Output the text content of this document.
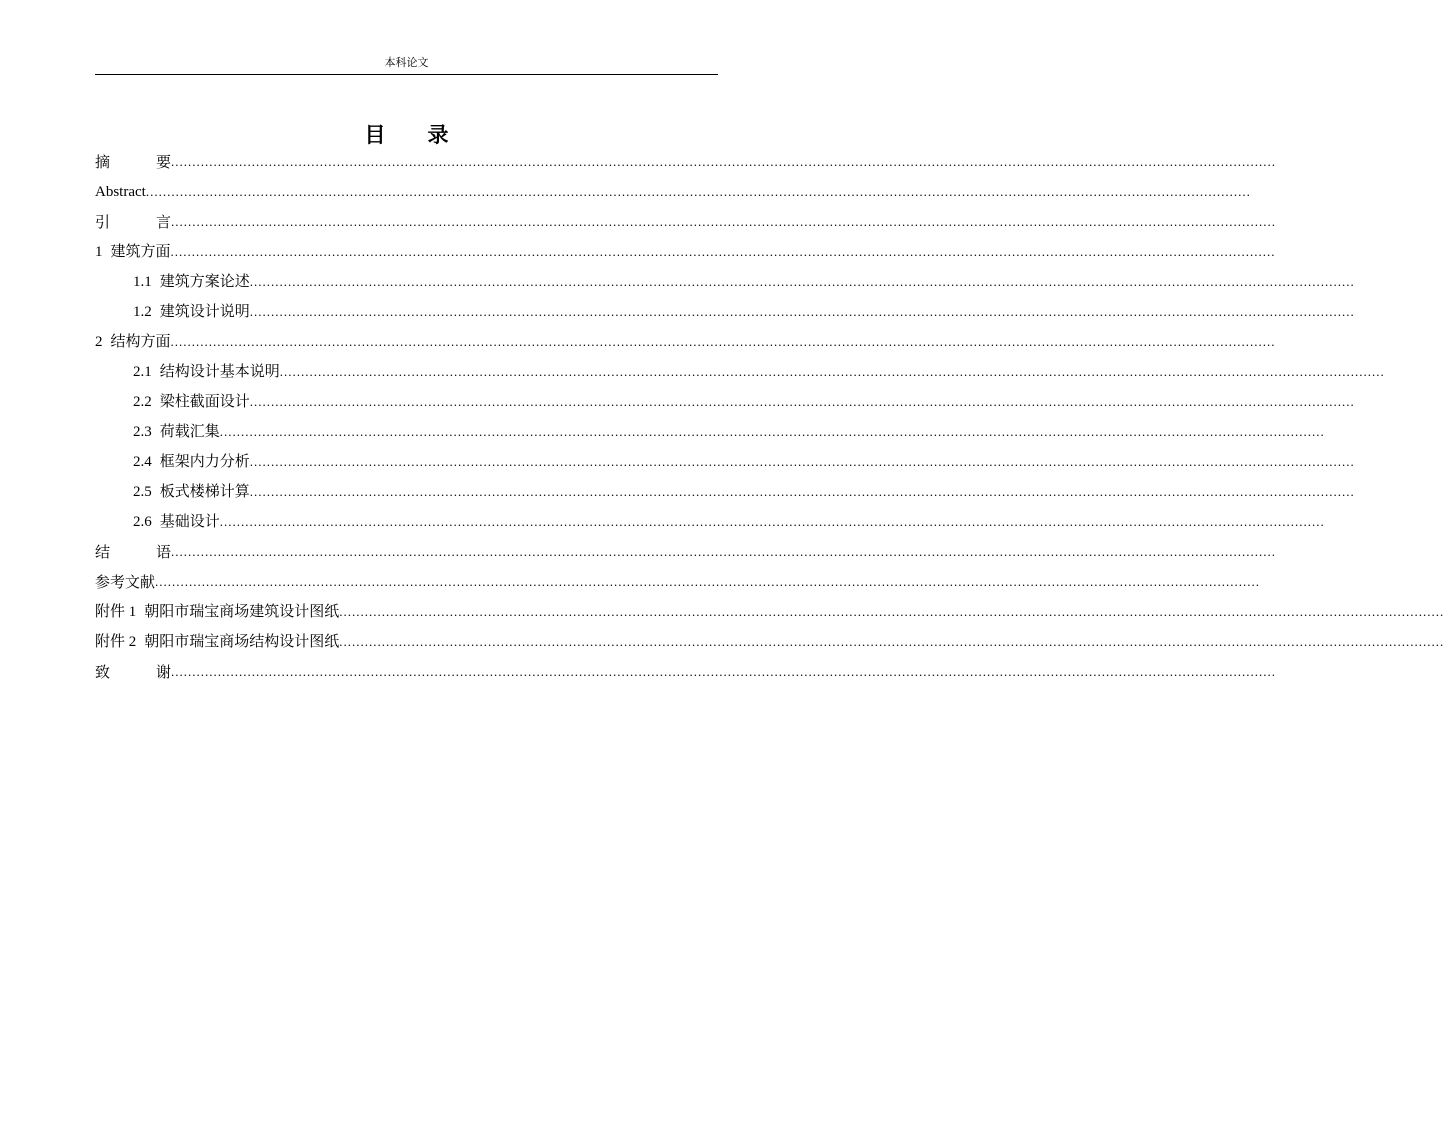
本科论文
目 录
摘 要 ....................................................................................................................................................................................................................................................................
Abstract ....................................................................................................................................................................................................................................................................
引 言 ....................................................................................................................................................................................................................................................................
1 建筑方面 ....................................................................................................................................................................................................................................................................
1.1 建筑方案论述 ....................................................................................................................................................................................................................................................................
1.2 建筑设计说明 ....................................................................................................................................................................................................................................................................
2 结构方面 ....................................................................................................................................................................................................................................................................
2.1 结构设计基本说明 ....................................................................................................................................................................................................................................................................
2.2 梁柱截面设计 ....................................................................................................................................................................................................................................................................
2.3 荷载汇集 ....................................................................................................................................................................................................................................................................
2.4 框架内力分析 ....................................................................................................................................................................................................................................................................
2.5 板式楼梯计算 ....................................................................................................................................................................................................................................................................
2.6 基础设计 ....................................................................................................................................................................................................................................................................
结 语 ....................................................................................................................................................................................................................................................................
参考文献 ....................................................................................................................................................................................................................................................................
附件 1 朝阳市瑞宝商场建筑设计图纸 ....................................................................................................................................................................................................................................................................
附件 2 朝阳市瑞宝商场结构设计图纸 ....................................................................................................................................................................................................................................................................
致 谢 ....................................................................................................................................................................................................................................................................
